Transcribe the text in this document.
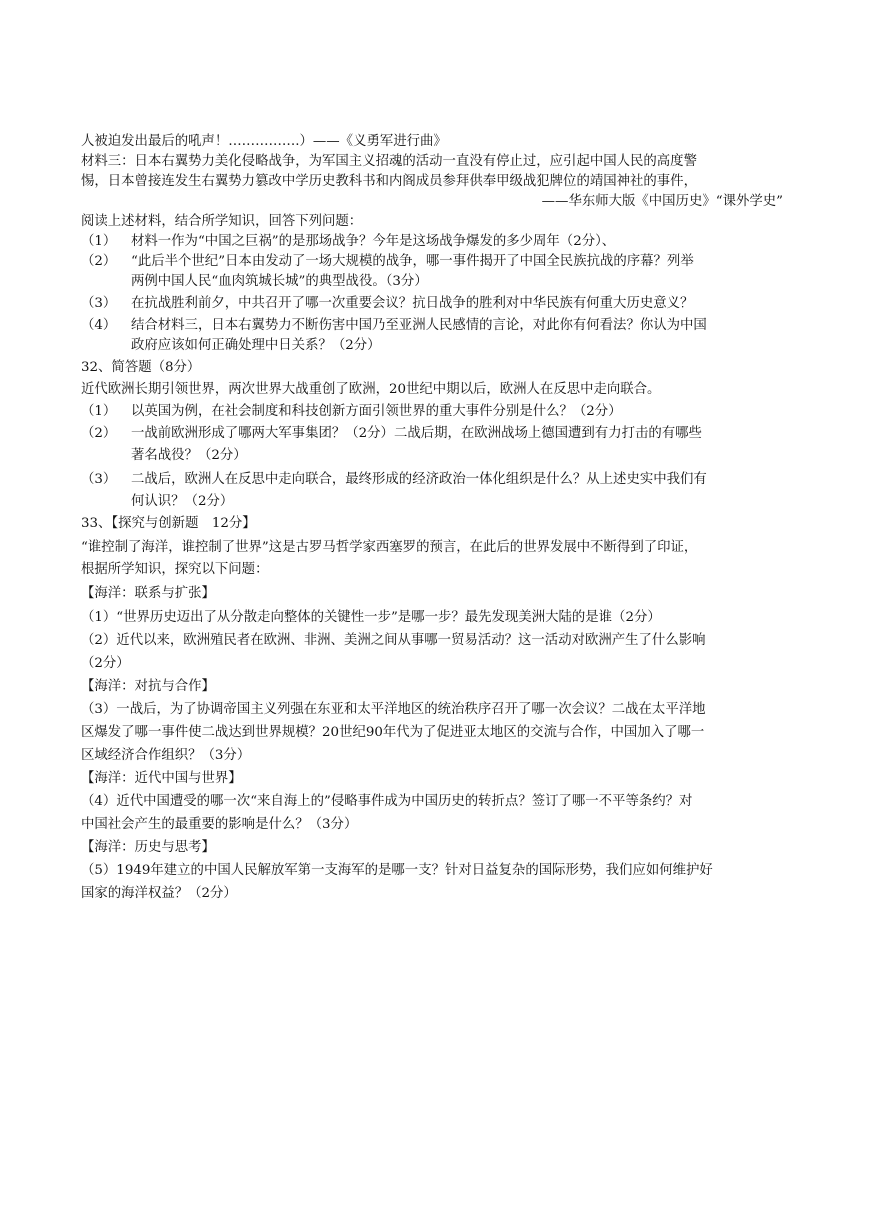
人被迫发出最后的吼声！…………….）——《义勇军进行曲》
材料三：日本右翼势力美化侵略战争，为军国主义招魂的活动一直没有停止过，应引起中国人民的高度警
惕，日本曾接连发生右翼势力篡改中学历史教科书和内阁成员参拜供奉甲级战犯牌位的靖国神社的事件，
——华东师大版《中国历史》“课外学史”
阅读上述材料，结合所学知识，回答下列问题：
（1） 材料一作为“中国之巨祸”的是那场战争？今年是这场战争爆发的多少周年（2分）、
（2） “此后半个世纪”日本由发动了一场大规模的战争，哪一事件揭开了中国全民族抗战的序幕？列举
两例中国人民“血肉筑城长城”的典型战役。（3分）
（3） 在抗战胜利前夕，中共召开了哪一次重要会议？抗日战争的胜利对中华民族有何重大历史意义？
（4） 结合材料三，日本右翼势力不断伤害中国乃至亚洲人民感情的言论，对此你有何看法？你认为中国
政府应该如何正确处理中日关系？（2分）
32、简答题（8分）
近代欧洲长期引领世界，两次世界大战重创了欧洲，20世纪中期以后，欧洲人在反思中走向联合。
（1） 以英国为例，在社会制度和科技创新方面引领世界的重大事件分别是什么？（2分）
（2） 一战前欧洲形成了哪两大军事集团？（2分）二战后期，在欧洲战场上德国遭到有力打击的有哪些
著名战役？（2分）
（3） 二战后，欧洲人在反思中走向联合，最终形成的经济政治一体化组织是什么？从上述史实中我们有
何认识？（2分）
33、【探究与创新题　12分】
“谁控制了海洋，谁控制了世界”这是古罗马哲学家西塞罗的预言，在此后的世界发展中不断得到了印证，
根据所学知识，探究以下问题：
【海洋：联系与扩张】
（1）“世界历史迈出了从分散走向整体的关键性一步”是哪一步？最先发现美洲大陆的是谁（2分）
（2）近代以来，欧洲殖民者在欧洲、非洲、美洲之间从事哪一贸易活动？这一活动对欧洲产生了什么影响
（2分）
【海洋：对抗与合作】
（3）一战后，为了协调帝国主义列强在东亚和太平洋地区的统治秩序召开了哪一次会议？二战在太平洋地
区爆发了哪一事件使二战达到世界规模？20世纪90年代为了促进亚太地区的交流与合作，中国加入了哪一
区域经济合作组织？（3分）
【海洋：近代中国与世界】
（4）近代中国遭受的哪一次“来自海上的”侵略事件成为中国历史的转折点？签订了哪一不平等条约？对
中国社会产生的最重要的影响是什么？（3分）
【海洋：历史与思考】
（5）1949年建立的中国人民解放军第一支海军的是哪一支？针对日益复杂的国际形势，我们应如何维护好
国家的海洋权益？（2分）
